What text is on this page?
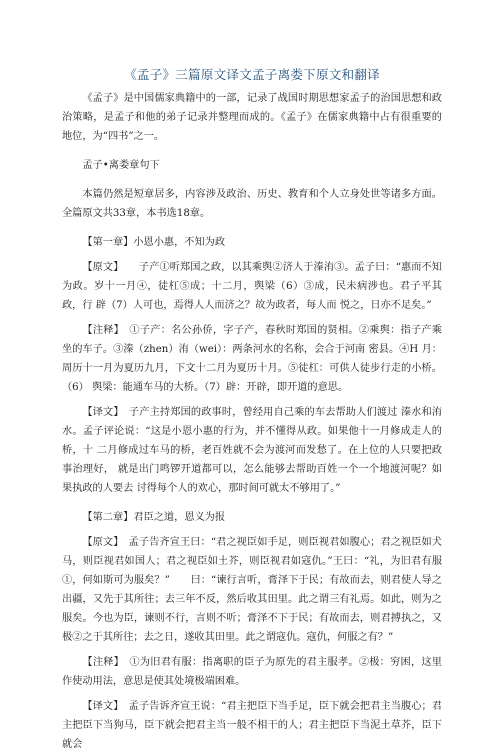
《孟子》三篇原文译文孟子离娄下原文和翻译

《孟子》是中国儒家典籍中的一部，记录了战国时期思想家孟子的治国思想和政治策略，是孟子和他的弟子记录并整理而成的。《孟子》在儒家典籍中占有很重要的地位，为“四书”之一。

孟子•离娄章句下

本篇仍然是短章居多，内容涉及政治、历史、教育和个人立身处世等诸多方面。全篇原文共33章，本书选18章。

【第一章】小恩小惠，不知为政

【原文】　　子产①听郑国之政，以其乘舆②济人于溱洧③。孟子曰：“惠而不知为政。岁十一月④，徒杠⑤成；十二月，舆梁（6）③成，民未病涉也。君子平其政，行 辟（7）人可也，焉得人人而济之？故为政者，每人而 悦之，日亦不足矣。”

【注释】　①子产：名公孙侨，字子产，春秋时郑国的贤相。②乘舆：指子产乘坐的车子。③溱（zhen）洧（wei）：两条河水的名称，会合于河南 密县。④H 月： 周历十一月为夏历九月，下文十二月为夏历十月。⑤徒杠：可供人徒步行走的小桥。（6） 舆梁：能通车马的大桥。（7）辟：开辟，即开道的意思。

【译文】　子产主持郑国的政事时，曾经用自己乘的车去帮助人们渡过 溱水和洧水。孟子评论说：“这是小恩小惠的行为，并不懂得从政。如果他十一月修成走人的桥，十 二月修成过车马的桥，老百姓就不会为渡河而发愁了。在上位的人只要把政事治理好， 就是出门鸣锣开道都可以，怎么能够去帮助百姓一个一个地渡河呢？如果执政的人要去 讨得每个人的欢心，那时间可就太不够用了。”

【第二章】君臣之道，恩义为报

【原文】　孟子告齐宣王曰：“君之视臣如手足，则臣视君如腹心；君之视臣如犬马，则臣视君如国人；君之视臣如土芥，则臣视君如寇仇。”王曰：“礼，为旧君有服①，何如斯可为服矣？”　　曰：“谏行言听，膏泽下于民；有故而去，则君使人导之出疆，又先于其所往；去三年不反，然后收其田里。此之谓三有礼焉。如此，则为之服矣。今也为臣，谏则不行，言则不听；膏泽不下于民；有故而去，则君搏执之，又极②之于其所往；去之日，遂收其田里。此之谓寇仇。寇仇，何服之有？”

【注释】　①为旧君有服：指离职的臣子为原先的君主服孝。②极：穷困，这里作使动用法，意思是使其处境极端困难。

【译文】　孟子告诉齐宣王说：“君主把臣下当手足，臣下就会把君主当腹心；君主把臣下当狗马，臣下就会把君主当一般不相干的人；君主把臣下当泥土草芥，臣下就会
